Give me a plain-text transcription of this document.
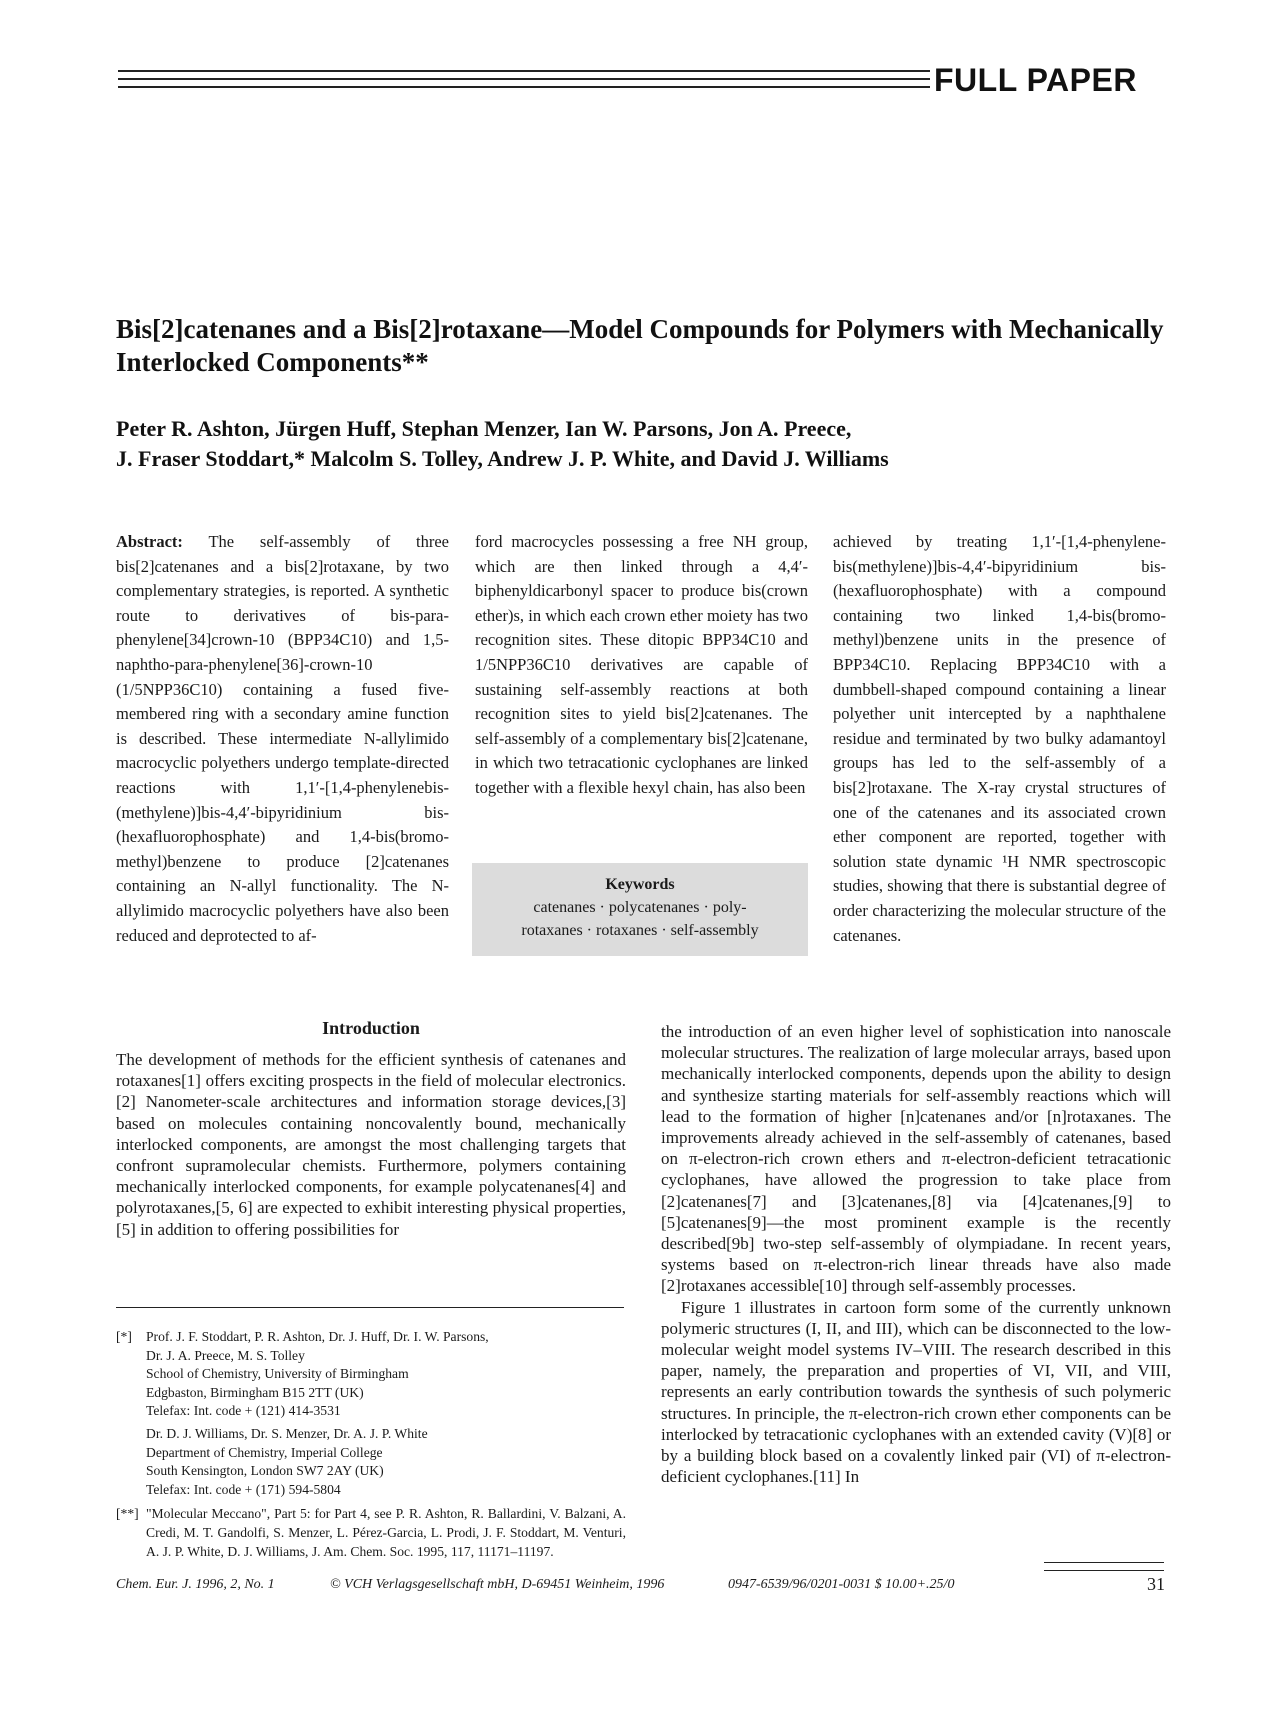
FULL PAPER
Bis[2]catenanes and a Bis[2]rotaxane—Model Compounds for Polymers with Mechanically Interlocked Components**
Peter R. Ashton, Jürgen Huff, Stephan Menzer, Ian W. Parsons, Jon A. Preece,
J. Fraser Stoddart,* Malcolm S. Tolley, Andrew J. P. White, and David J. Williams

Abstract: The self-assembly of three bis[2]catenanes and a bis[2]rotaxane, by two complementary strategies, is reported. A synthetic route to derivatives of bis-para-phenylene[34]crown-10 (BPP34C10) and 1,5-naphtho-para-phenylene[36]-crown-10 (1/5NPP36C10) containing a fused five-membered ring with a secondary amine function is described. These intermediate N-allylimido macrocyclic polyethers undergo template-directed reactions with 1,1′-[1,4-phenylenebis-(methylene)]bis-4,4′-bipyridinium bis-(hexafluorophosphate) and 1,4-bis(bromo-methyl)benzene to produce [2]catenanes containing an N-allyl functionality. The N-allylimido macrocyclic polyethers have also been reduced and deprotected to af-

ford macrocycles possessing a free NH group, which are then linked through a 4,4′-biphenyldicarbonyl spacer to produce bis(crown ether)s, in which each crown ether moiety has two recognition sites. These ditopic BPP34C10 and 1/5NPP36C10 derivatives are capable of sustaining self-assembly reactions at both recognition sites to yield bis[2]catenanes. The self-assembly of a complementary bis[2]catenane, in which two tetracationic cyclophanes are linked together with a flexible hexyl chain, has also been

achieved by treating 1,1′-[1,4-phenylene-bis(methylene)]bis-4,4′-bipyridinium bis-(hexafluorophosphate) with a compound containing two linked 1,4-bis(bromo-methyl)benzene units in the presence of BPP34C10. Replacing BPP34C10 with a dumbbell-shaped compound containing a linear polyether unit intercepted by a naphthalene residue and terminated by two bulky adamantoyl groups has led to the self-assembly of a bis[2]rotaxane. The X-ray crystal structures of one of the catenanes and its associated crown ether component are reported, together with solution state dynamic ¹H NMR spectroscopic studies, showing that there is substantial degree of order characterizing the molecular structure of the catenanes.

Keywords
catenanes · polycatenanes · poly-
rotaxanes · rotaxanes · self-assembly
Introduction

The development of methods for the efficient synthesis of catenanes and rotaxanes[1] offers exciting prospects in the field of molecular electronics.[2] Nanometer-scale architectures and information storage devices,[3] based on molecules containing noncovalently bound, mechanically interlocked components, are amongst the most challenging targets that confront supramolecular chemists. Furthermore, polymers containing mechanically interlocked components, for example polycatenanes[4] and polyrotaxanes,[5, 6] are expected to exhibit interesting physical properties,[5] in addition to offering possibilities for

the introduction of an even higher level of sophistication into nanoscale molecular structures. The realization of large molecular arrays, based upon mechanically interlocked components, depends upon the ability to design and synthesize starting materials for self-assembly reactions which will lead to the formation of higher [n]catenanes and/or [n]rotaxanes. The improvements already achieved in the self-assembly of catenanes, based on π-electron-rich crown ethers and π-electron-deficient tetracationic cyclophanes, have allowed the progression to take place from [2]catenanes[7] and [3]catenanes,[8] via [4]catenanes,[9] to [5]catenanes[9]—the most prominent example is the recently described[9b] two-step self-assembly of olympiadane. In recent years, systems based on π-electron-rich linear threads have also made [2]rotaxanes accessible[10] through self-assembly processes.

Figure 1 illustrates in cartoon form some of the currently unknown polymeric structures (I, II, and III), which can be disconnected to the low-molecular weight model systems IV–VIII. The research described in this paper, namely, the preparation and properties of VI, VII, and VIII, represents an early contribution towards the synthesis of such polymeric structures. In principle, the π-electron-rich crown ether components can be interlocked by tetracationic cyclophanes with an extended cavity (V)[8] or by a building block based on a covalently linked pair (VI) of π-electron-deficient cyclophanes.[11] In

[*] Prof. J. F. Stoddart, P. R. Ashton, Dr. J. Huff, Dr. I. W. Parsons,
Dr. J. A. Preece, M. S. Tolley
School of Chemistry, University of Birmingham
Edgbaston, Birmingham B15 2TT (UK)
Telefax: Int. code + (121) 414-3531
Dr. D. J. Williams, Dr. S. Menzer, Dr. A. J. P. White
Department of Chemistry, Imperial College
South Kensington, London SW7 2AY (UK)
Telefax: Int. code + (171) 594-5804
[**] "Molecular Meccano", Part 5: for Part 4, see P. R. Ashton, R. Ballardini, V. Balzani, A. Credi, M. T. Gandolfi, S. Menzer, L. Pérez-Garcia, L. Prodi, J. F. Stoddart, M. Venturi, A. J. P. White, D. J. Williams, J. Am. Chem. Soc. 1995, 117, 11171–11197.
Chem. Eur. J. 1996, 2, No. 1	© VCH Verlagsgesellschaft mbH, D-69451 Weinheim, 1996	0947-6539/96/0201-0031 $ 10.00+.25/0	31
